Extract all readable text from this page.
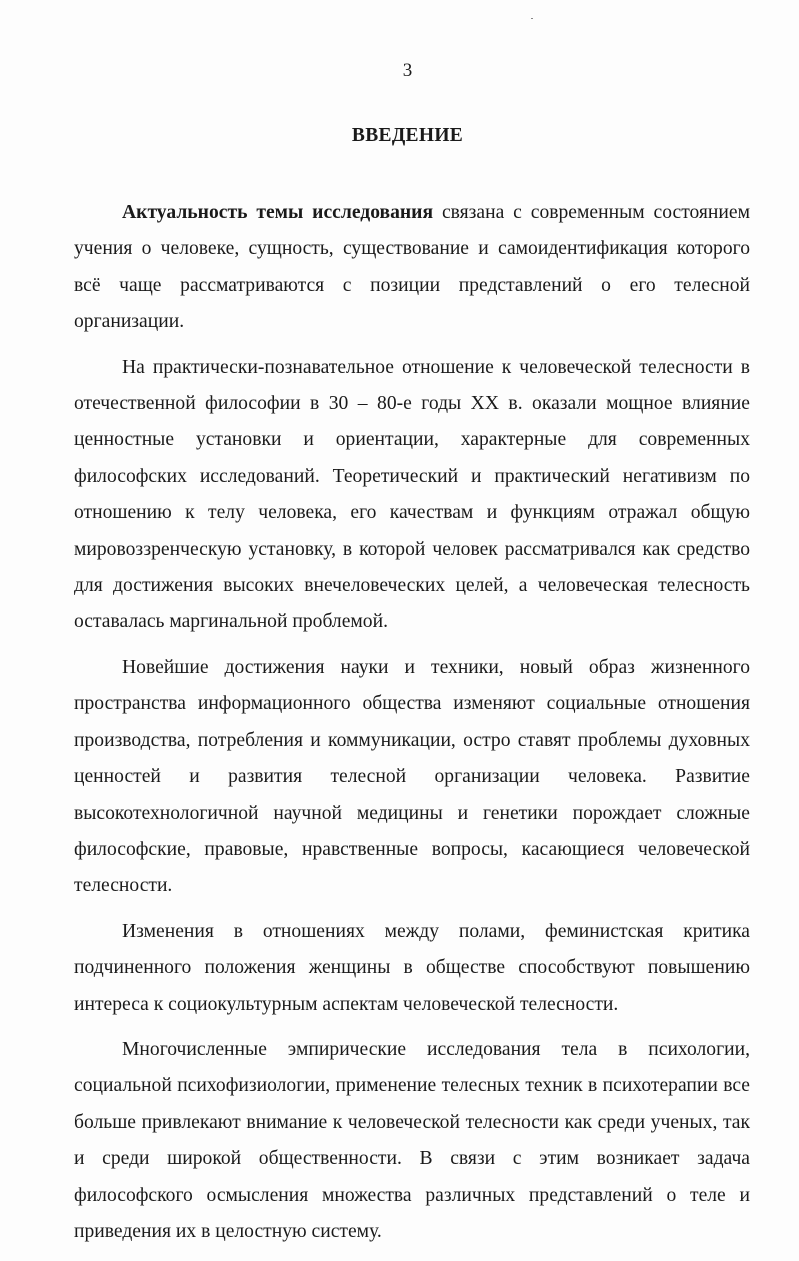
3
ВВЕДЕНИЕ

Актуальность темы исследования связана с современным состоянием учения о человеке, сущность, существование и самоидентификация которого всё чаще рассматриваются с позиции представлений о его телесной организации.

На практически-познавательное отношение к человеческой телесности в отечественной философии в 30 – 80-е годы XX в. оказали мощное влияние ценностные установки и ориентации, характерные для современных философских исследований. Теоретический и практический негативизм по отношению к телу человека, его качествам и функциям отражал общую мировоззренческую установку, в которой человек рассматривался как средство для достижения высоких внечеловеческих целей, а человеческая телесность оставалась маргинальной проблемой.

Новейшие достижения науки и техники, новый образ жизненного пространства информационного общества изменяют социальные отношения производства, потребления и коммуникации, остро ставят проблемы духовных ценностей и развития телесной организации человека. Развитие высокотехнологичной научной медицины и генетики порождает сложные философские, правовые, нравственные вопросы, касающиеся человеческой телесности.

Изменения в отношениях между полами, феминистская критика подчиненного положения женщины в обществе способствуют повышению интереса к социокультурным аспектам человеческой телесности.

Многочисленные эмпирические исследования тела в психологии, социальной психофизиологии, применение телесных техник в психотерапии все больше привлекают внимание к человеческой телесности как среди ученых, так и среди широкой общественности. В связи с этим возникает задача философского осмысления множества различных представлений о теле и приведения их в целостную систему.
